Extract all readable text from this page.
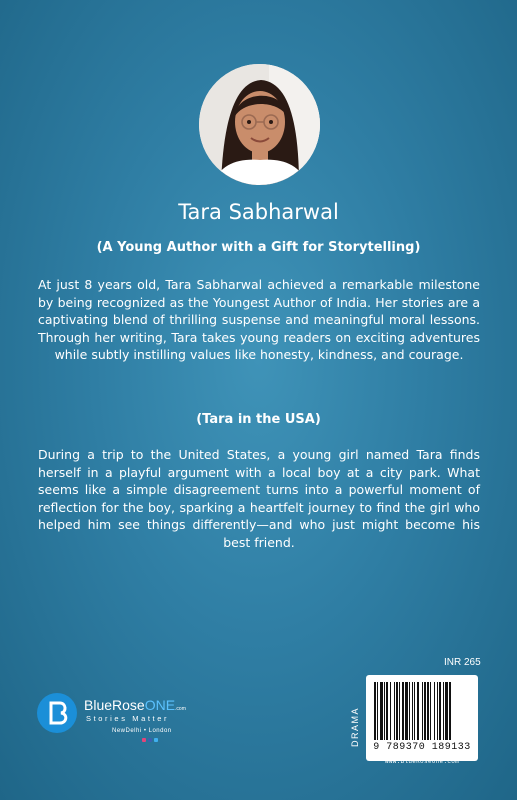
Tara Sabharwal
(A Young Author with a Gift for Storytelling)
At just 8 years old, Tara Sabharwal achieved a remarkable milestone by being recognized as the Youngest Author of India. Her stories are a captivating blend of thrilling suspense and meaningful moral lessons. Through her writing, Tara takes young readers on exciting adventures while subtly instilling values like honesty, kindness, and courage.
(Tara in the USA)
During a trip to the United States, a young girl named Tara finds herself in a playful argument with a local boy at a city park. What seems like a simple disagreement turns into a powerful moment of reflection for the boy, sparking a heartfelt journey to find the girl who helped him see things differently—and who just might become his best friend.
INR 265
DRAMA
9 789370 189133
www.BlueRoseOne.com
BlueRoseONE.com
Stories Matter
NewDelhi • London
